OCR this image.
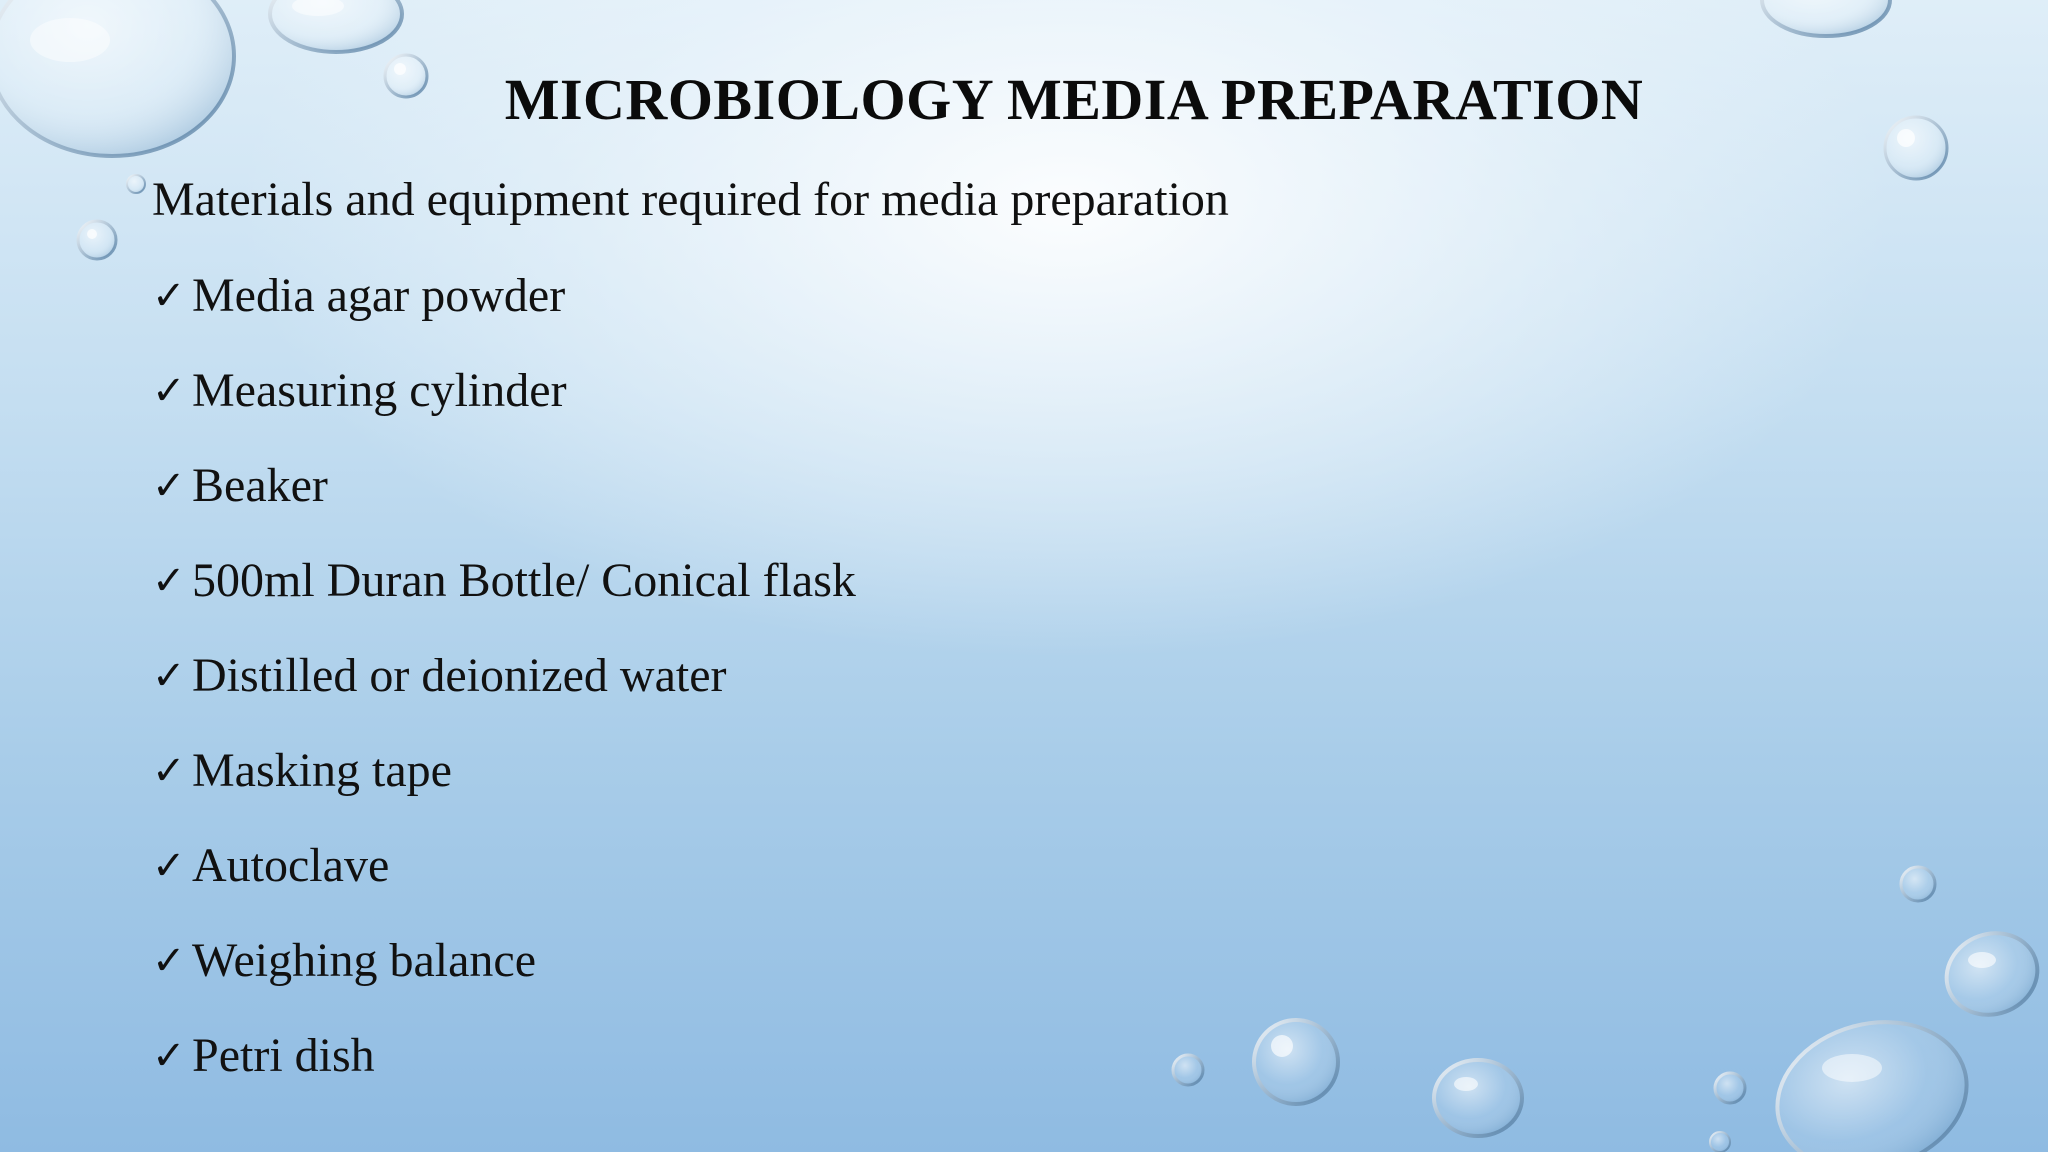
MICROBIOLOGY MEDIA PREPARATION

Materials and equipment required for media preparation

✓ Media agar powder
✓ Measuring cylinder
✓ Beaker
✓ 500ml Duran Bottle/ Conical flask
✓ Distilled or deionized water
✓ Masking tape
✓ Autoclave
✓ Weighing balance
✓ Petri dish
